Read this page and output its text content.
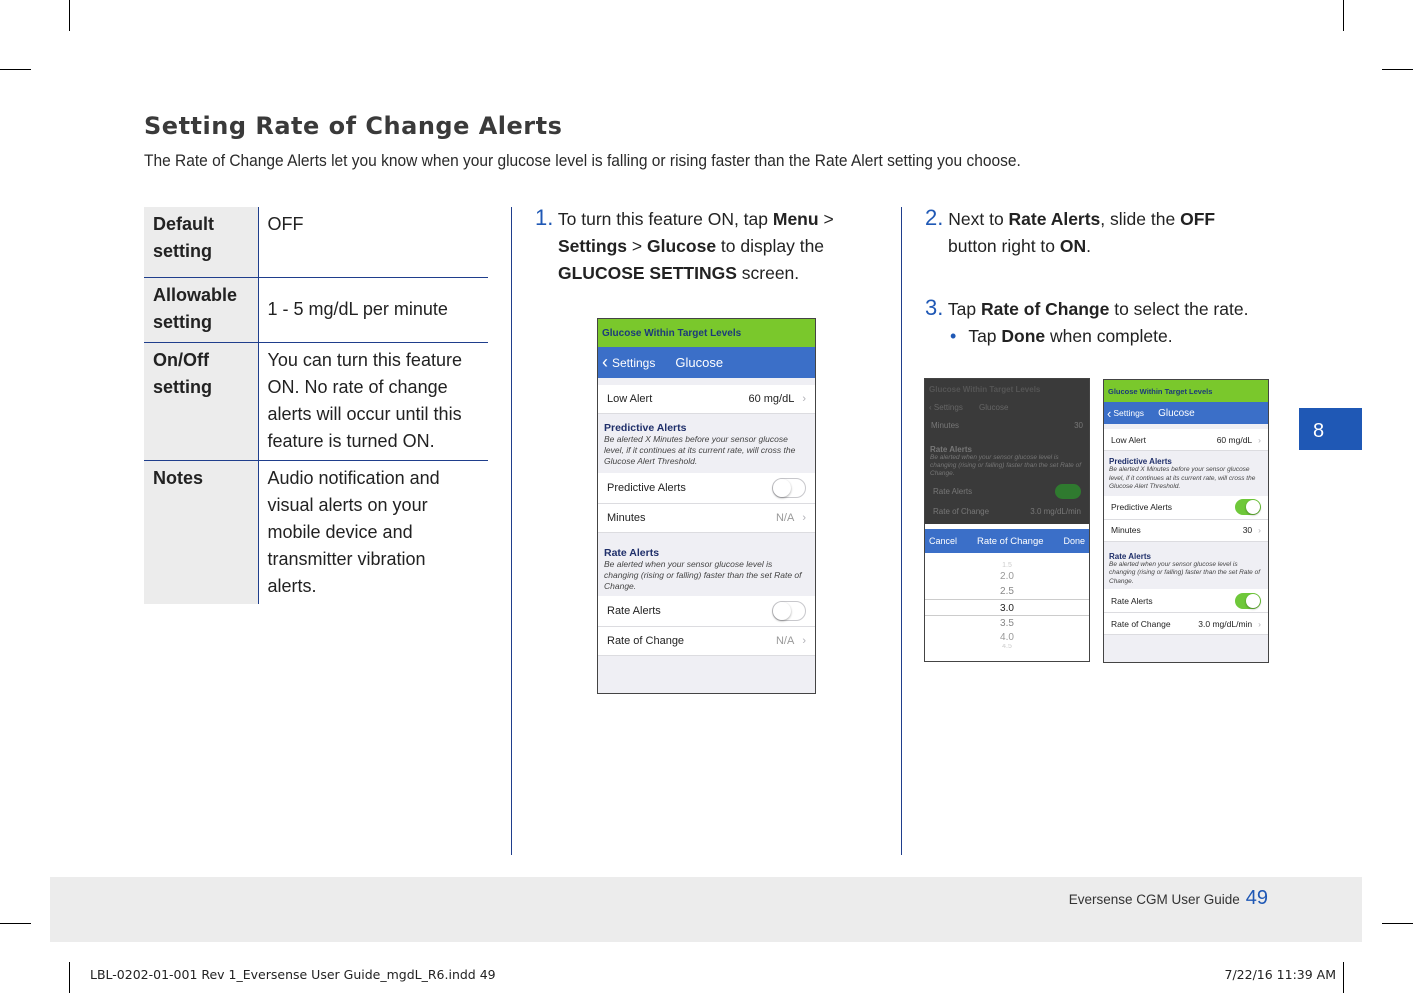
Setting Rate of Change Alerts

The Rate of Change Alerts let you know when your glucose level is falling or rising faster than the Rate Alert setting you choose.

Default setting	OFF
Allowable setting	1 - 5 mg/dL per minute
On/Off setting	You can turn this feature ON. No rate of change alerts will occur until this feature is turned ON.
Notes	Audio notification and visual alerts on your mobile device and transmitter vibration alerts.
1. To turn this feature ON, tap Menu >
Settings > Glucose to display the
GLUCOSE SETTINGS screen.
2. Next to Rate Alerts, slide the OFF
button right to ON.
3. Tap Rate of Change to select the rate.
• Tap Done when complete.
Glucose Within Target Levels
‹ Settings Glucose
Low Alert	60 mg/dL ›
Predictive Alerts
Be alerted X Minutes before your sensor glucose level, if it continues at its current rate, will cross the Glucose Alert Threshold.
Predictive Alerts
Minutes	N/A ›
Rate Alerts
Be alerted when your sensor glucose level is changing (rising or falling) faster than the set Rate of Change.
Rate Alerts
Rate of Change	N/A ›
Glucose Within Target Levels
‹ Settings Glucose
Minutes	30
Rate Alerts
Be alerted when your sensor glucose level is changing (rising or falling) faster than the set Rate of Change.
Rate Alerts
Rate of Change	3.0 mg/dL/min
Cancel Rate of Change Done
1.5
2.0
2.5
3.0
3.5
4.0
4.5
Glucose Within Target Levels
‹ Settings Glucose
Low Alert	60 mg/dL ›
Predictive Alerts
Be alerted X Minutes before your sensor glucose level, if it continues at its current rate, will cross the Glucose Alert Threshold.
Predictive Alerts
Minutes	30 ›
Rate Alerts
Be alerted when your sensor glucose level is changing (rising or falling) faster than the set Rate of Change.
Rate Alerts
Rate of Change	3.0 mg/dL/min ›
8
Eversense CGM User Guide 49
LBL-0202-01-001 Rev 1_Eversense User Guide_mgdL_R6.indd 49	7/22/16 11:39 AM
